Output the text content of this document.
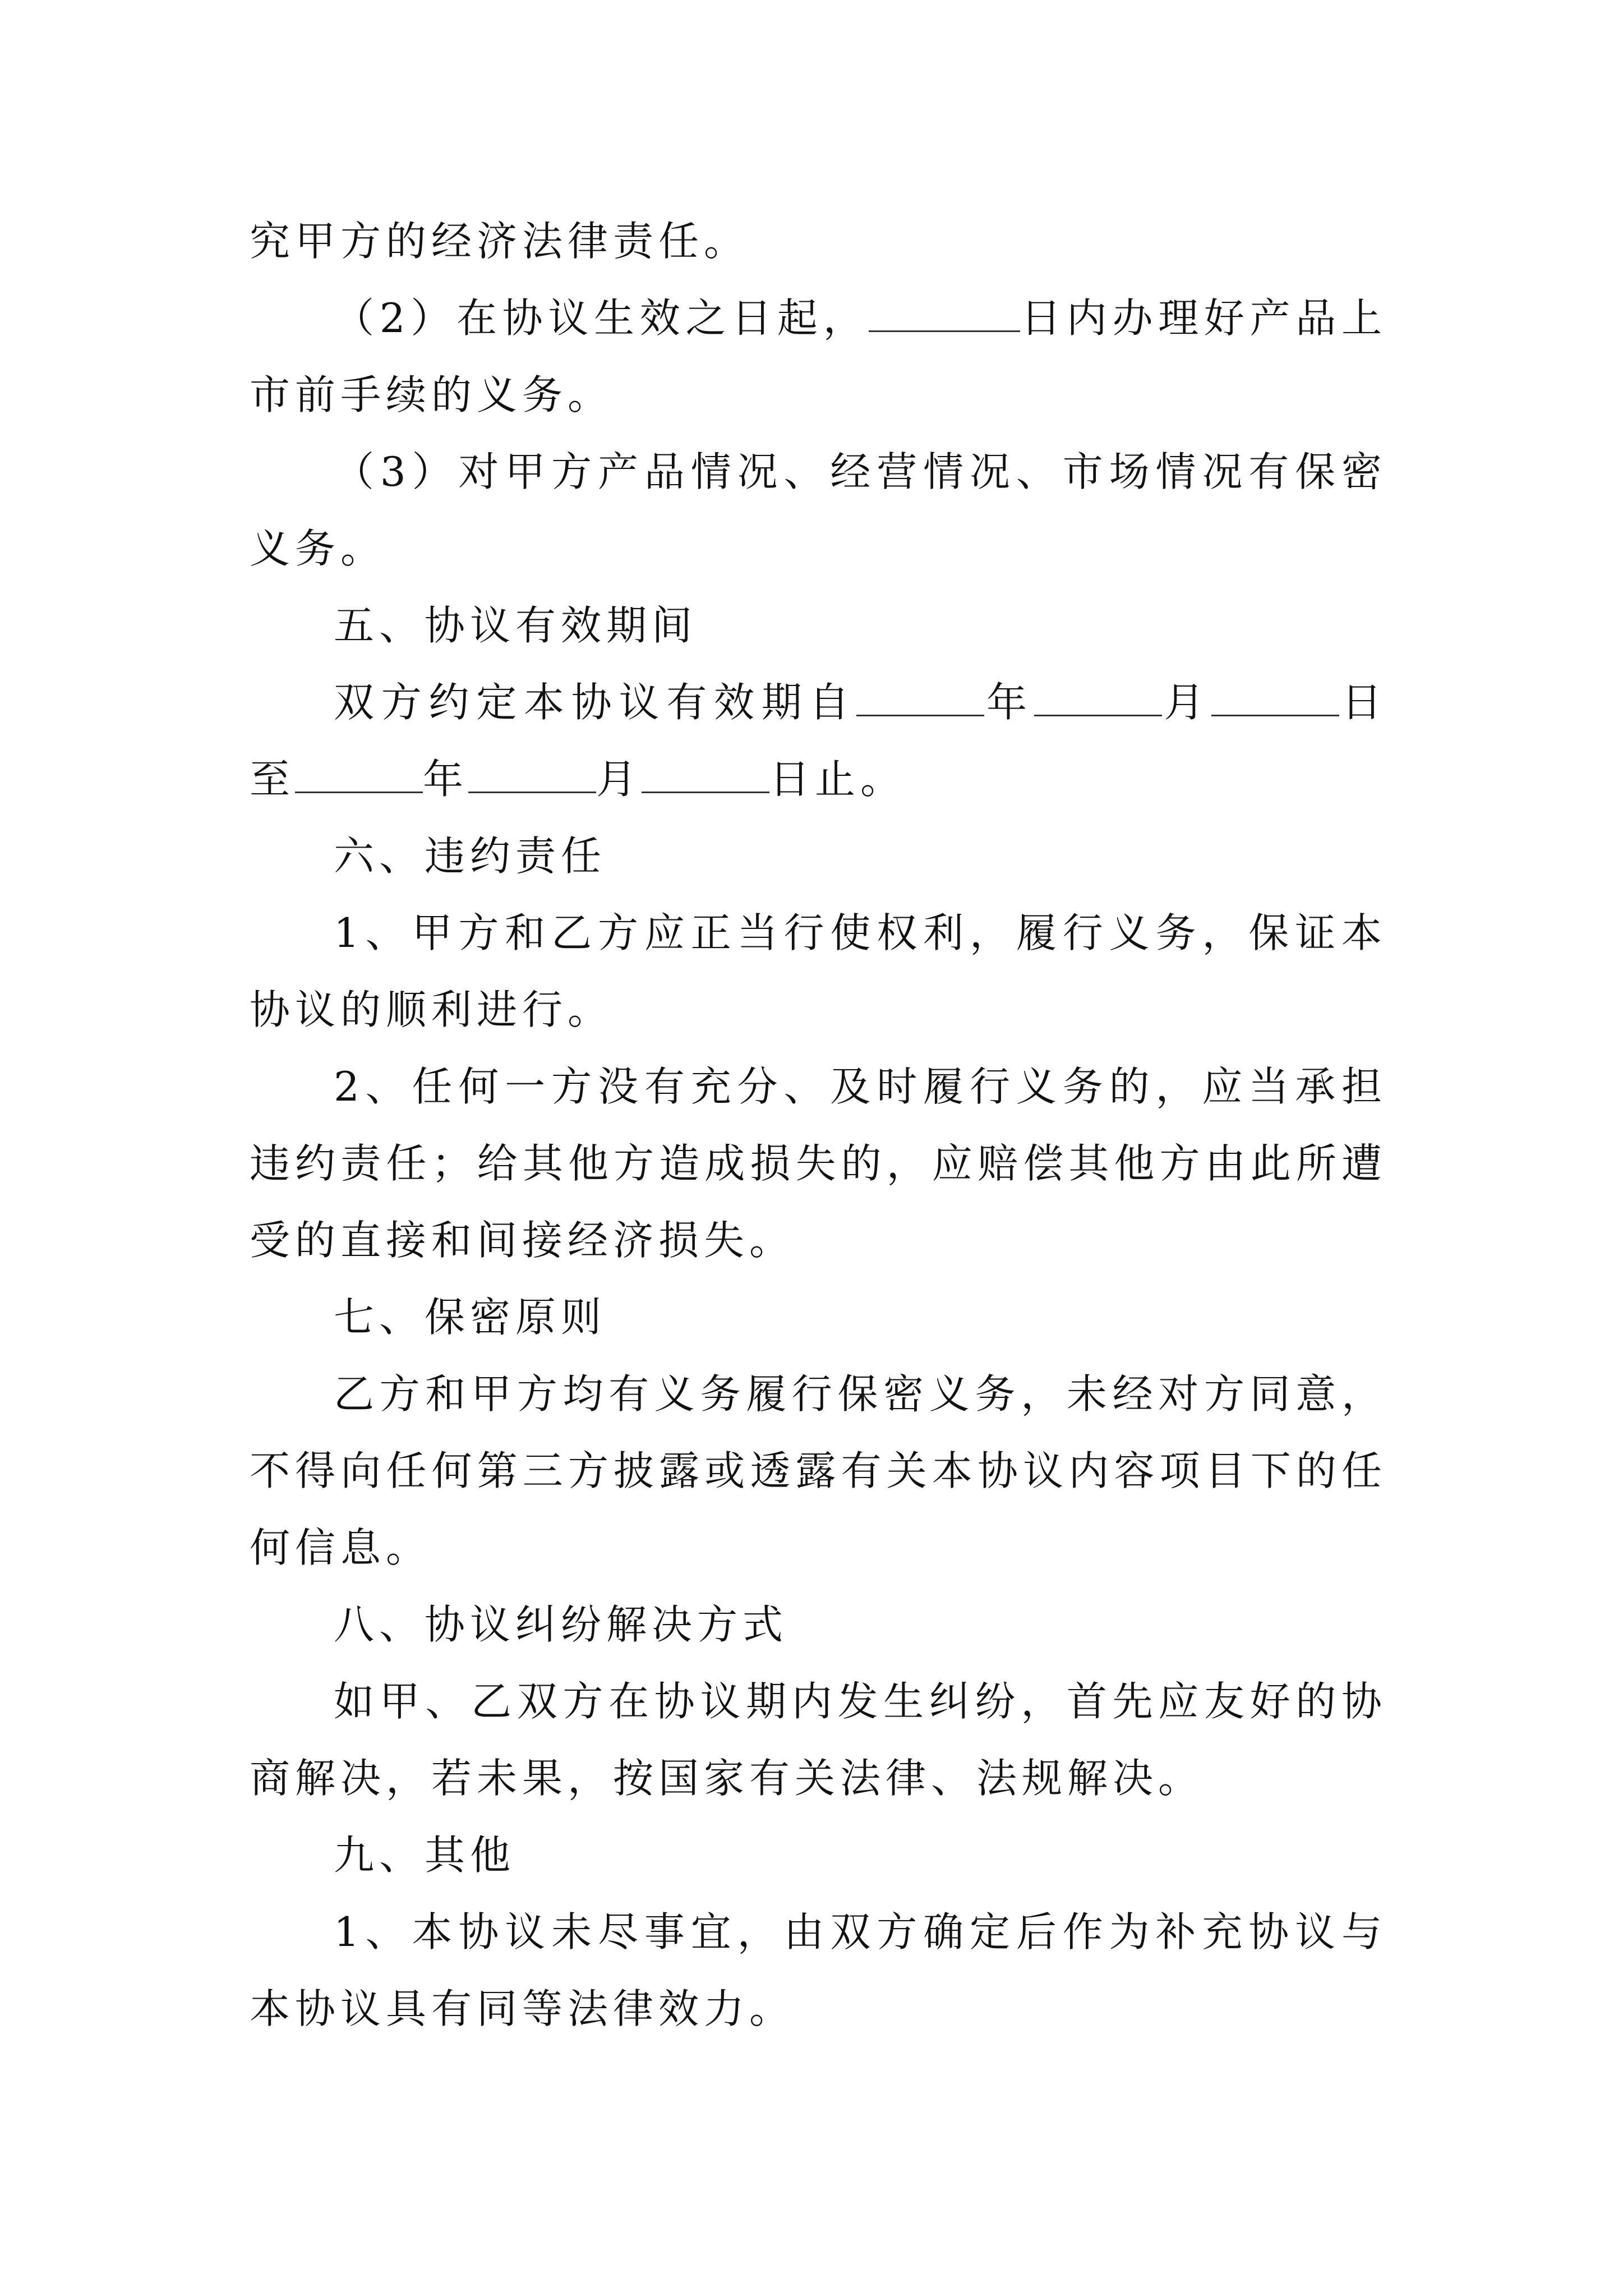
究甲方的经济法律责任。

（2）在协议生效之日起，	日内办理好产品上市前手续的义务。

（3）对甲方产品情况、经营情况、市场情况有保密义务。

五、协议有效期间

双方约定本协议有效期自	年	月	日至	年	月	日止。

六、违约责任

1、甲方和乙方应正当行使权利，履行义务，保证本协议的顺利进行。

2、任何一方没有充分、及时履行义务的，应当承担违约责任；给其他方造成损失的，应赔偿其他方由此所遭受的直接和间接经济损失。

七、保密原则

乙方和甲方均有义务履行保密义务，未经对方同意，不得向任何第三方披露或透露有关本协议内容项目下的任何信息。

八、协议纠纷解决方式

如甲、乙双方在协议期内发生纠纷，首先应友好的协商解决，若未果，按国家有关法律、法规解决。

九、其他

1、本协议未尽事宜，由双方确定后作为补充协议与本协议具有同等法律效力。
